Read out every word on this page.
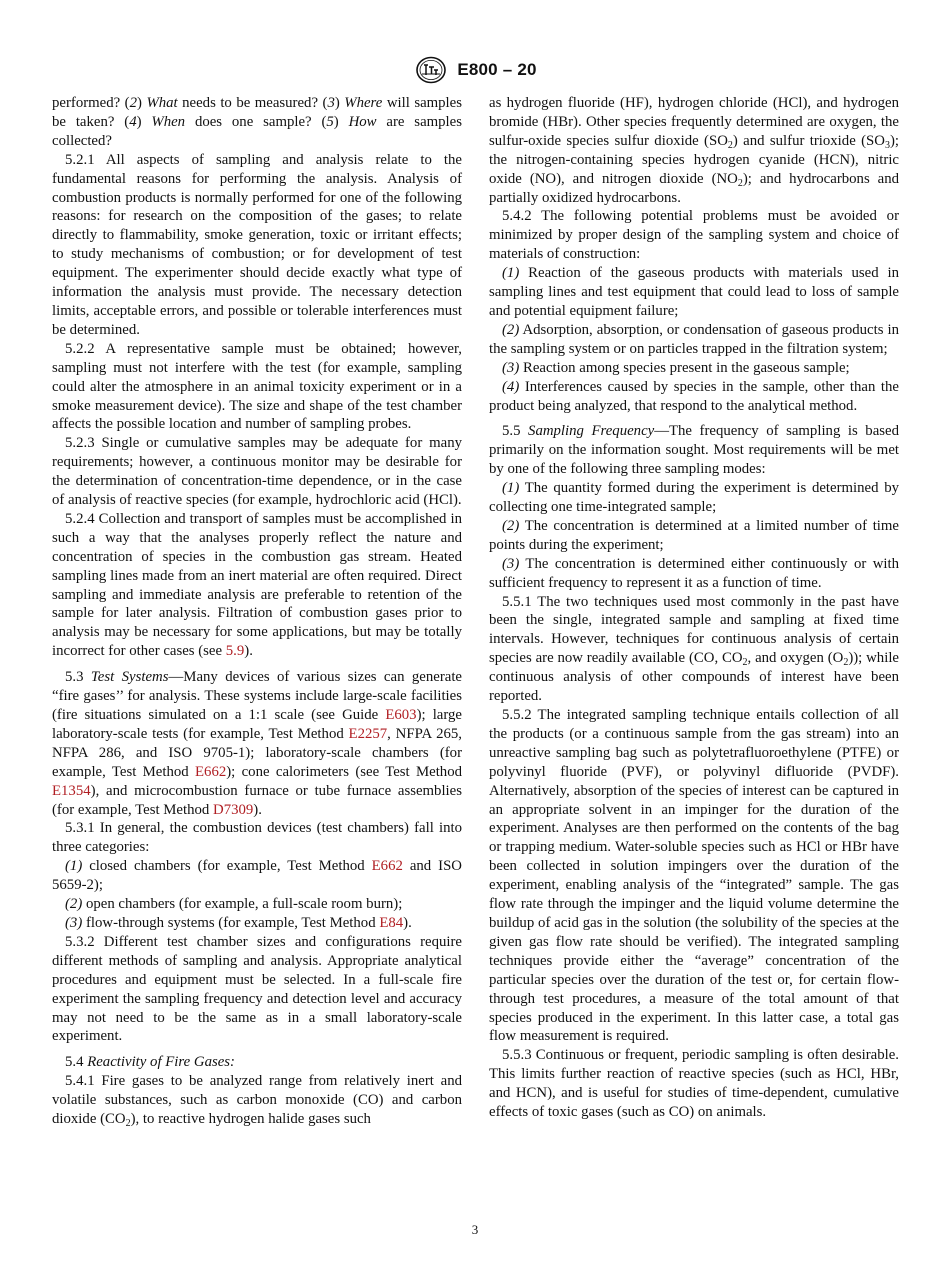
E800 – 20

performed? (2) What needs to be measured? (3) Where will samples be taken? (4) When does one sample? (5) How are samples collected?

5.2.1 All aspects of sampling and analysis relate to the fundamental reasons for performing the analysis. Analysis of combustion products is normally performed for one of the following reasons: for research on the composition of the gases; to relate directly to flammability, smoke generation, toxic or irritant effects; to study mechanisms of combustion; or for development of test equipment. The experimenter should decide exactly what type of information the analysis must provide. The necessary detection limits, acceptable errors, and possible or tolerable interferences must be determined.

5.2.2 A representative sample must be obtained; however, sampling must not interfere with the test (for example, sampling could alter the atmosphere in an animal toxicity experiment or in a smoke measurement device). The size and shape of the test chamber affects the possible location and number of sampling probes.

5.2.3 Single or cumulative samples may be adequate for many requirements; however, a continuous monitor may be desirable for the determination of concentration-time dependence, or in the case of analysis of reactive species (for example, hydrochloric acid (HCl).

5.2.4 Collection and transport of samples must be accomplished in such a way that the analyses properly reflect the nature and concentration of species in the combustion gas stream. Heated sampling lines made from an inert material are often required. Direct sampling and immediate analysis are preferable to retention of the sample for later analysis. Filtration of combustion gases prior to analysis may be necessary for some applications, but may be totally incorrect for other cases (see 5.9).

5.3 Test Systems—Many devices of various sizes can generate “fire gases’’ for analysis. These systems include large-scale facilities (fire situations simulated on a 1:1 scale (see Guide E603); large laboratory-scale tests (for example, Test Method E2257, NFPA 265, NFPA 286, and ISO 9705-1); laboratory-scale chambers (for example, Test Method E662); cone calorimeters (see Test Method E1354), and microcombustion furnace or tube furnace assemblies (for example, Test Method D7309).

5.3.1 In general, the combustion devices (test chambers) fall into three categories:

(1) closed chambers (for example, Test Method E662 and ISO 5659-2);

(2) open chambers (for example, a full-scale room burn);

(3) flow-through systems (for example, Test Method E84).

5.3.2 Different test chamber sizes and configurations require different methods of sampling and analysis. Appropriate analytical procedures and equipment must be selected. In a full-scale fire experiment the sampling frequency and detection level and accuracy may not need to be the same as in a small laboratory-scale experiment.

5.4 Reactivity of Fire Gases:

5.4.1 Fire gases to be analyzed range from relatively inert and volatile substances, such as carbon monoxide (CO) and carbon dioxide $(CO_2)$, to reactive hydrogen halide gases such

as hydrogen fluoride (HF), hydrogen chloride (HCl), and hydrogen bromide (HBr). Other species frequently determined are oxygen, the sulfur-oxide species sulfur dioxide $(SO_2)$ and sulfur trioxide $(SO_3)$; the nitrogen-containing species hydrogen cyanide (HCN), nitric oxide (NO), and nitrogen dioxide $(NO_2)$; and hydrocarbons and partially oxidized hydrocarbons.

5.4.2 The following potential problems must be avoided or minimized by proper design of the sampling system and choice of materials of construction:

(1) Reaction of the gaseous products with materials used in sampling lines and test equipment that could lead to loss of sample and potential equipment failure;

(2) Adsorption, absorption, or condensation of gaseous products in the sampling system or on particles trapped in the filtration system;

(3) Reaction among species present in the gaseous sample;

(4) Interferences caused by species in the sample, other than the product being analyzed, that respond to the analytical method.

5.5 Sampling Frequency—The frequency of sampling is based primarily on the information sought. Most requirements will be met by one of the following three sampling modes:

(1) The quantity formed during the experiment is determined by collecting one time-integrated sample;

(2) The concentration is determined at a limited number of time points during the experiment;

(3) The concentration is determined either continuously or with sufficient frequency to represent it as a function of time.

5.5.1 The two techniques used most commonly in the past have been the single, integrated sample and sampling at fixed time intervals. However, techniques for continuous analysis of certain species are now readily available (CO, $CO_2$, and oxygen $(O_2)$); while continuous analysis of other compounds of interest have been reported.

5.5.2 The integrated sampling technique entails collection of all the products (or a continuous sample from the gas stream) into an unreactive sampling bag such as polytetrafluoroethylene (PTFE) or polyvinyl fluoride (PVF), or polyvinyl difluoride (PVDF). Alternatively, absorption of the species of interest can be captured in an appropriate solvent in an impinger for the duration of the experiment. Analyses are then performed on the contents of the bag or trapping medium. Water-soluble species such as HCl or HBr have been collected in solution impingers over the duration of the experiment, enabling analysis of the “integrated” sample. The gas flow rate through the impinger and the liquid volume determine the buildup of acid gas in the solution (the solubility of the species at the given gas flow rate should be verified). The integrated sampling techniques provide either the “average” concentration of the particular species over the duration of the test or, for certain flow-through test procedures, a measure of the total amount of that species produced in the experiment. In this latter case, a total gas flow measurement is required.

5.5.3 Continuous or frequent, periodic sampling is often desirable. This limits further reaction of reactive species (such as HCl, HBr, and HCN), and is useful for studies of time-dependent, cumulative effects of toxic gases (such as CO) on animals.

3
